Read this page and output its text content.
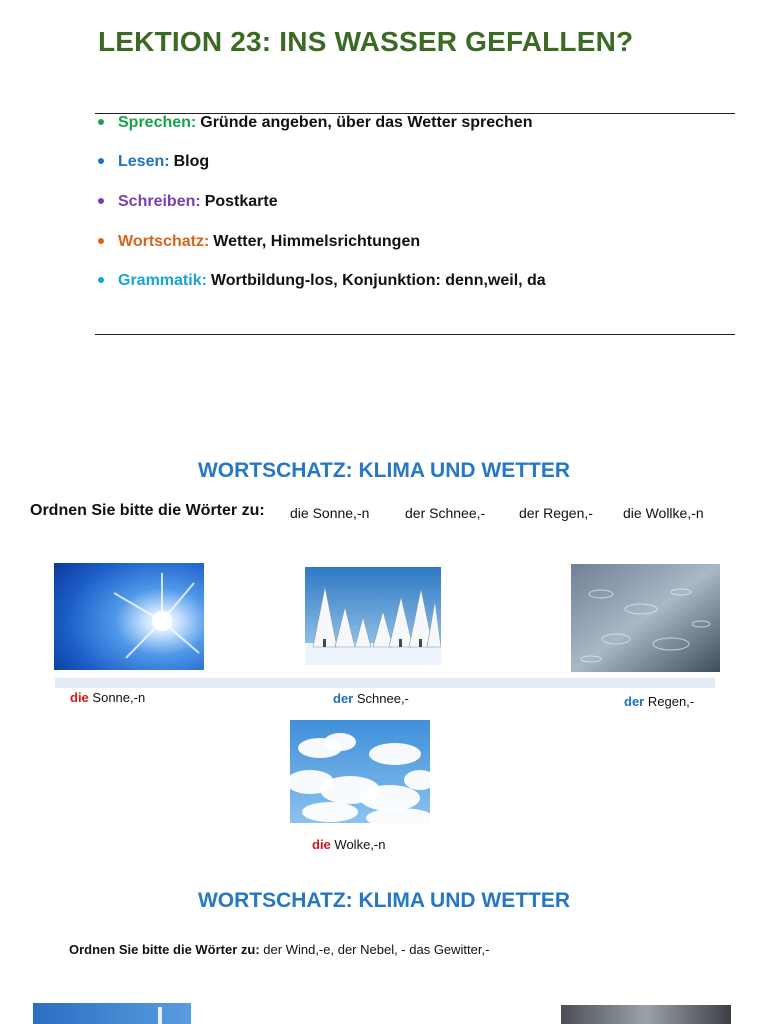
LEKTION 23: INS WASSER GEFALLEN?
Sprechen: Gründe angeben, über das Wetter sprechen
Lesen: Blog
Schreiben: Postkarte
Wortschatz: Wetter, Himmelsrichtungen
Grammatik: Wortbildung-los, Konjunktion: denn,weil, da
WORTSCHATZ: KLIMA UND WETTER
Ordnen Sie bitte die Wörter zu: die Sonne,-n	der Schnee,- der Regen,- die Wollke,-n
die Sonne,-n	der Schnee,-	der Regen,-
die Wolke,-n
WORTSCHATZ: KLIMA UND WETTER
Ordnen Sie bitte die Wörter zu: der Wind,-e, der Nebel, - das Gewitter,-
